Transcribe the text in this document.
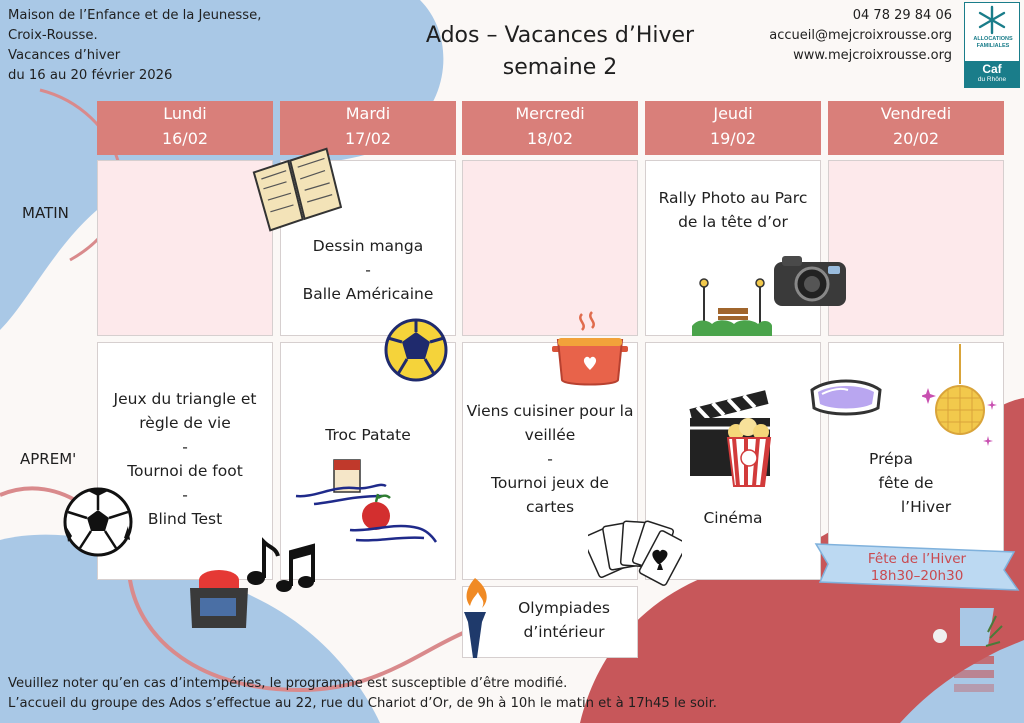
Maison de l’Enfance et de la Jeunesse,
Croix-Rousse.
Vacances d’hiver
du 16 au 20 février 2026
Ados – Vacances d’Hiver
semaine 2
04 78 29 84 06
accueil@mejcroixrousse.org
www.mejcroixrousse.org
ALLOCATIONS
FAMILIALES
Caf
du Rhône
Lundi
16/02
Mardi
17/02
Mercredi
18/02
Jeudi
19/02
Vendredi
20/02
MATIN
APREM'
Dessin manga
-
Balle Américaine
Rally Photo au Parc
de la tête d’or
Jeux du triangle et
règle de vie
-
Tournoi de foot
-
Blind Test
Troc Patate
Viens cuisiner pour la
veillée
-
Tournoi jeux de
cartes
Olympiades
d’intérieur
Cinéma
Prépa
fête de
l’Hiver
Fête de l’Hiver
18h30–20h30
Veuillez noter qu’en cas d’intempéries, le programme est susceptible d’être modifié.
L’accueil du groupe des Ados s’effectue au 22, rue du Chariot d’Or, de 9h à 10h le matin et à 17h45 le soir.
